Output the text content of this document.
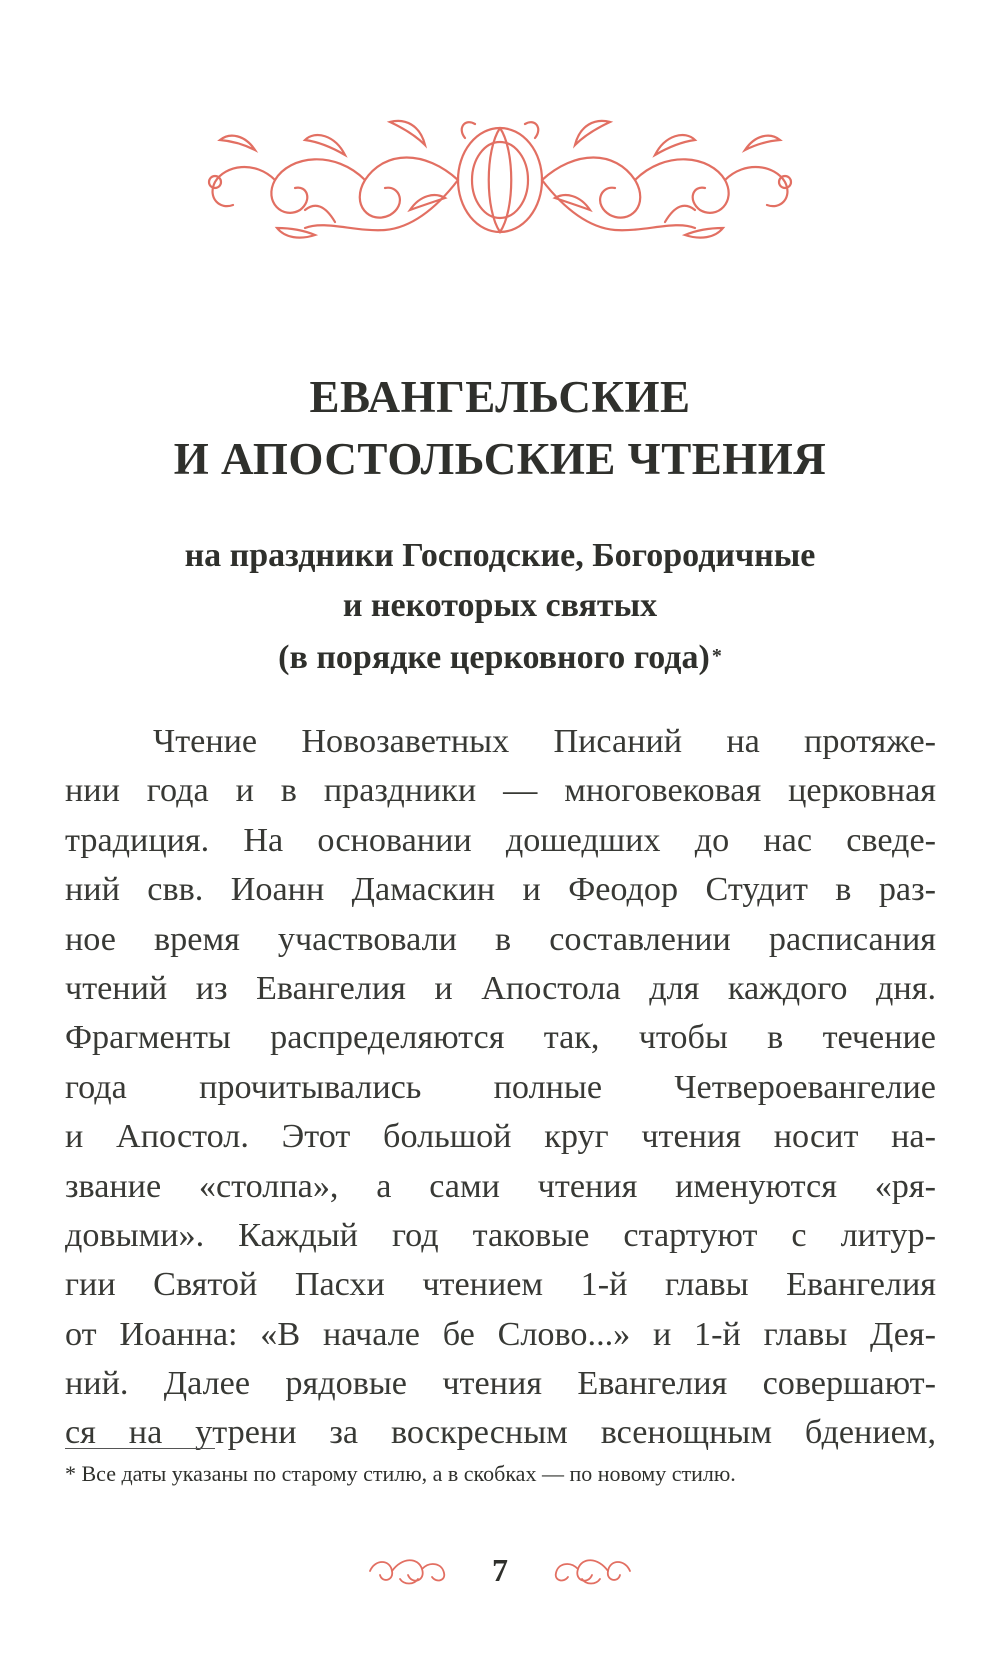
ЕВАНГЕЛЬСКИЕ
И АПОСТОЛЬСКИЕ ЧТЕНИЯ
на праздники Господские, Богородичные
и некоторых святых
(в порядке церковного года) *
Чтение Новозаветных Писаний на протяже-
нии года и в праздники — многовековая церковная
традиция. На основании дошедших до нас сведе-
ний свв. Иоанн Дамаскин и Феодор Студит в раз-
ное время участвовали в составлении расписания
чтений из Евангелия и Апостола для каждого дня.
Фрагменты распределяются так, чтобы в течение
года прочитывались полные Четвероевангелие
и Апостол. Этот большой круг чтения носит на-
звание «столпа», а сами чтения именуются «ря-
довыми». Каждый год таковые стартуют с литур-
гии Святой Пасхи чтением 1-й главы Евангелия
от Иоанна: «В начале бе Слово...» и 1-й главы Дея-
ний. Далее рядовые чтения Евангелия совершают-
ся на утрени за воскресным всенощным бдением,
* Все даты указаны по старому стилю, а в скобках — по новому стилю.
7
